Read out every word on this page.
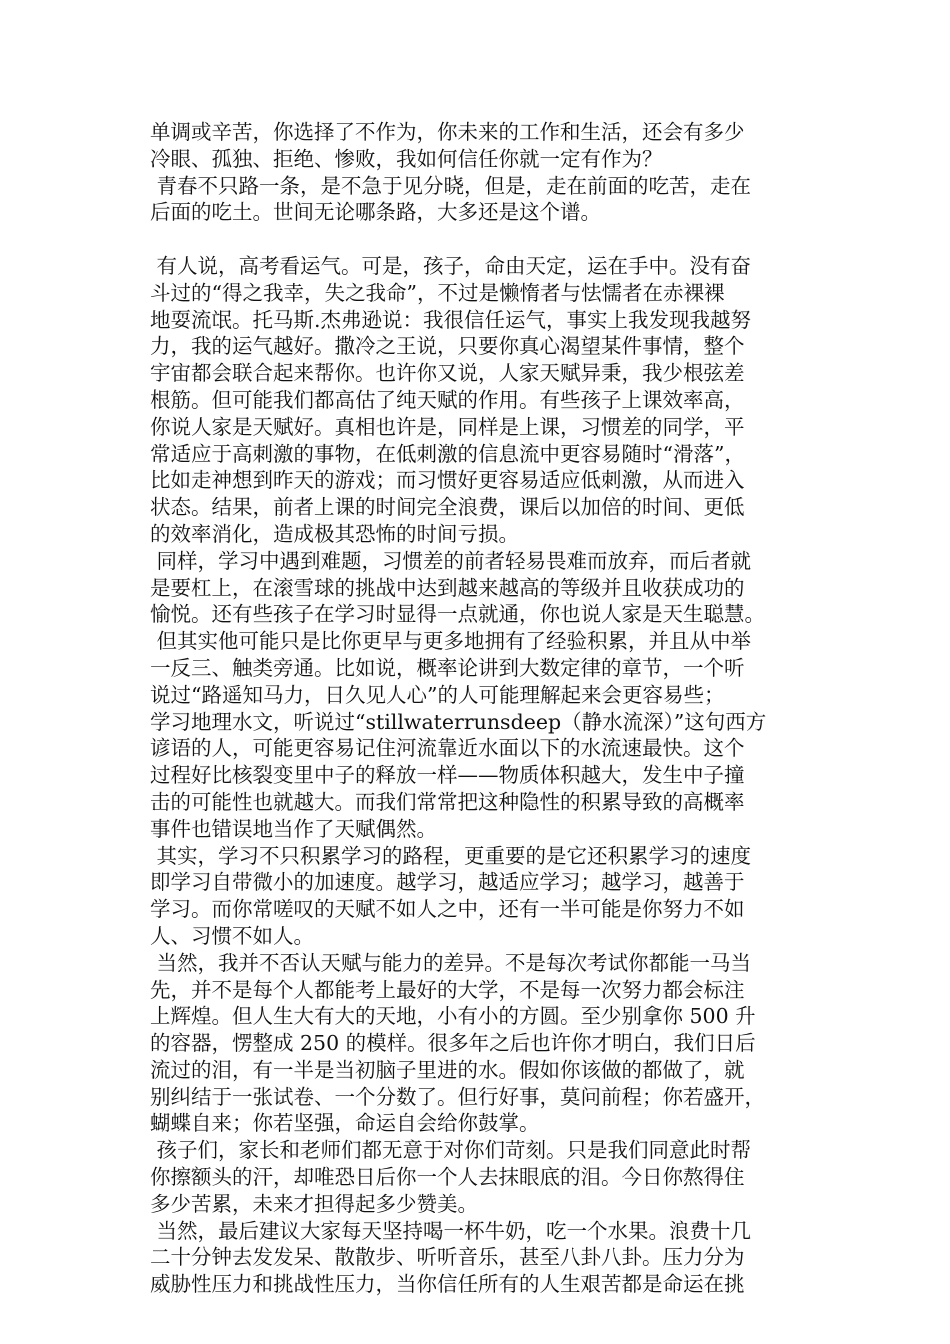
单调或辛苦，你选择了不作为，你未来的工作和生活，还会有多少
冷眼、孤独、拒绝、惨败，我如何信任你就一定有作为？
青春不只路一条，是不急于见分晓，但是，走在前面的吃苦，走在
后面的吃土。世间无论哪条路，大多还是这个谱。
有人说，高考看运气。可是，孩子，命由天定，运在手中。没有奋
斗过的“得之我幸，失之我命”，不过是懒惰者与怯懦者在赤裸裸
地耍流氓。托马斯.杰弗逊说：我很信任运气，事实上我发现我越努
力，我的运气越好。撒冷之王说，只要你真心渴望某件事情，整个
宇宙都会联合起来帮你。也许你又说，人家天赋异秉，我少根弦差
根筋。但可能我们都高估了纯天赋的作用。有些孩子上课效率高，
你说人家是天赋好。真相也许是，同样是上课，习惯差的同学，平
常适应于高刺激的事物，在低刺激的信息流中更容易随时“滑落”，
比如走神想到昨天的游戏；而习惯好更容易适应低刺激，从而进入
状态。结果，前者上课的时间完全浪费，课后以加倍的时间、更低
的效率消化，造成极其恐怖的时间亏损。
同样，学习中遇到难题，习惯差的前者轻易畏难而放弃，而后者就
是要杠上，在滚雪球的挑战中达到越来越高的等级并且收获成功的
愉悦。还有些孩子在学习时显得一点就通，你也说人家是天生聪慧。
但其实他可能只是比你更早与更多地拥有了经验积累，并且从中举
一反三、触类旁通。比如说，概率论讲到大数定律的章节，一个听
说过“路遥知马力，日久见人心”的人可能理解起来会更容易些；
学习地理水文，听说过“stillwaterrunsdeep（静水流深）”这句西方
谚语的人，可能更容易记住河流靠近水面以下的水流速最快。这个
过程好比核裂变里中子的释放一样——物质体积越大，发生中子撞
击的可能性也就越大。而我们常常把这种隐性的积累导致的高概率
事件也错误地当作了天赋偶然。
其实，学习不只积累学习的路程，更重要的是它还积累学习的速度
即学习自带微小的加速度。越学习，越适应学习；越学习，越善于
学习。而你常嗟叹的天赋不如人之中，还有一半可能是你努力不如
人、习惯不如人。
当然，我并不否认天赋与能力的差异。不是每次考试你都能一马当
先，并不是每个人都能考上最好的大学，不是每一次努力都会标注
上辉煌。但人生大有大的天地，小有小的方圆。至少别拿你 500 升
的容器，愣整成 250 的模样。很多年之后也许你才明白，我们日后
流过的泪，有一半是当初脑子里进的水。假如你该做的都做了，就
别纠结于一张试卷、一个分数了。但行好事，莫问前程；你若盛开，
蝴蝶自来；你若坚强，命运自会给你鼓掌。
孩子们，家长和老师们都无意于对你们苛刻。只是我们同意此时帮
你擦额头的汗，却唯恐日后你一个人去抹眼底的泪。今日你熬得住
多少苦累，未来才担得起多少赞美。
当然，最后建议大家每天坚持喝一杯牛奶，吃一个水果。浪费十几
二十分钟去发发呆、散散步、听听音乐，甚至八卦八卦。压力分为
威胁性压力和挑战性压力，当你信任所有的人生艰苦都是命运在挑
